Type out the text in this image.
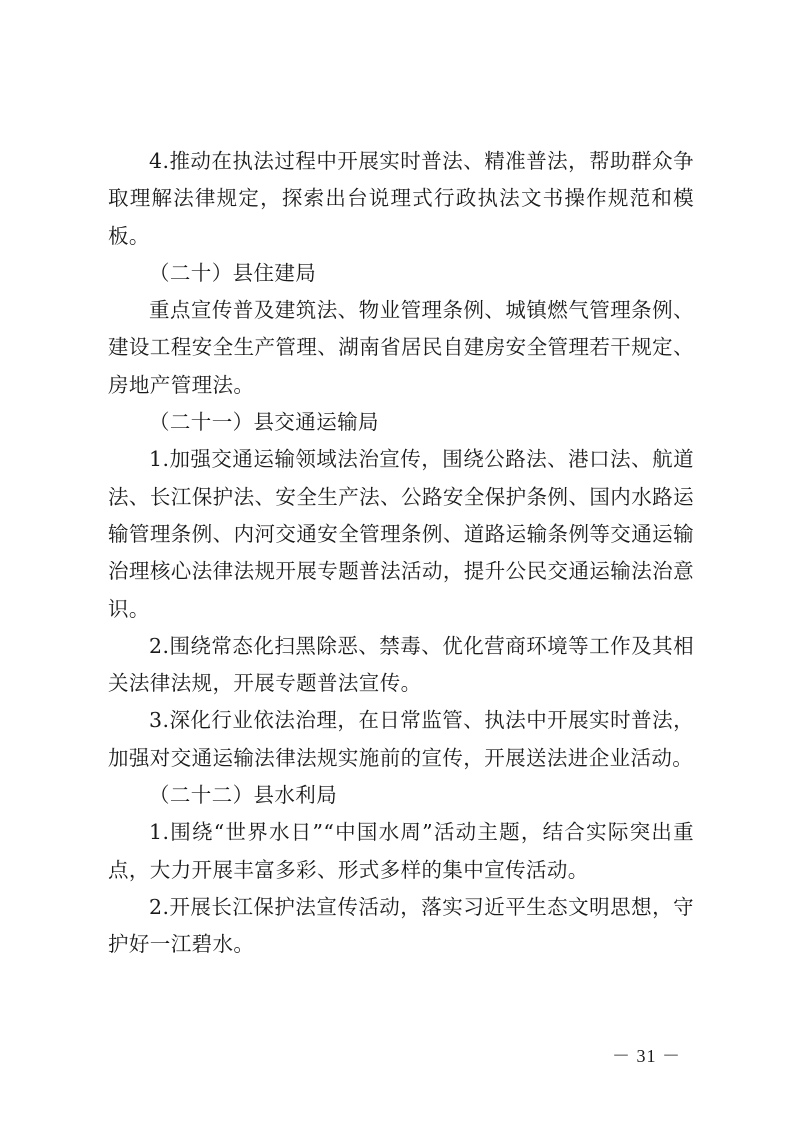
4.推动在执法过程中开展实时普法、精准普法，帮助群众争取理解法律规定，探索出台说理式行政执法文书操作规范和模板。

（二十）县住建局

重点宣传普及建筑法、物业管理条例、城镇燃气管理条例、建设工程安全生产管理、湖南省居民自建房安全管理若干规定、房地产管理法。

（二十一）县交通运输局

1.加强交通运输领域法治宣传，围绕公路法、港口法、航道法、长江保护法、安全生产法、公路安全保护条例、国内水路运输管理条例、内河交通安全管理条例、道路运输条例等交通运输治理核心法律法规开展专题普法活动，提升公民交通运输法治意识。

2.围绕常态化扫黑除恶、禁毒、优化营商环境等工作及其相关法律法规，开展专题普法宣传。

3.深化行业依法治理，在日常监管、执法中开展实时普法，加强对交通运输法律法规实施前的宣传，开展送法进企业活动。

（二十二）县水利局

1.围绕“世界水日”“中国水周”活动主题，结合实际突出重点，大力开展丰富多彩、形式多样的集中宣传活动。

2.开展长江保护法宣传活动，落实习近平生态文明思想，守护好一江碧水。

－ 31 －
